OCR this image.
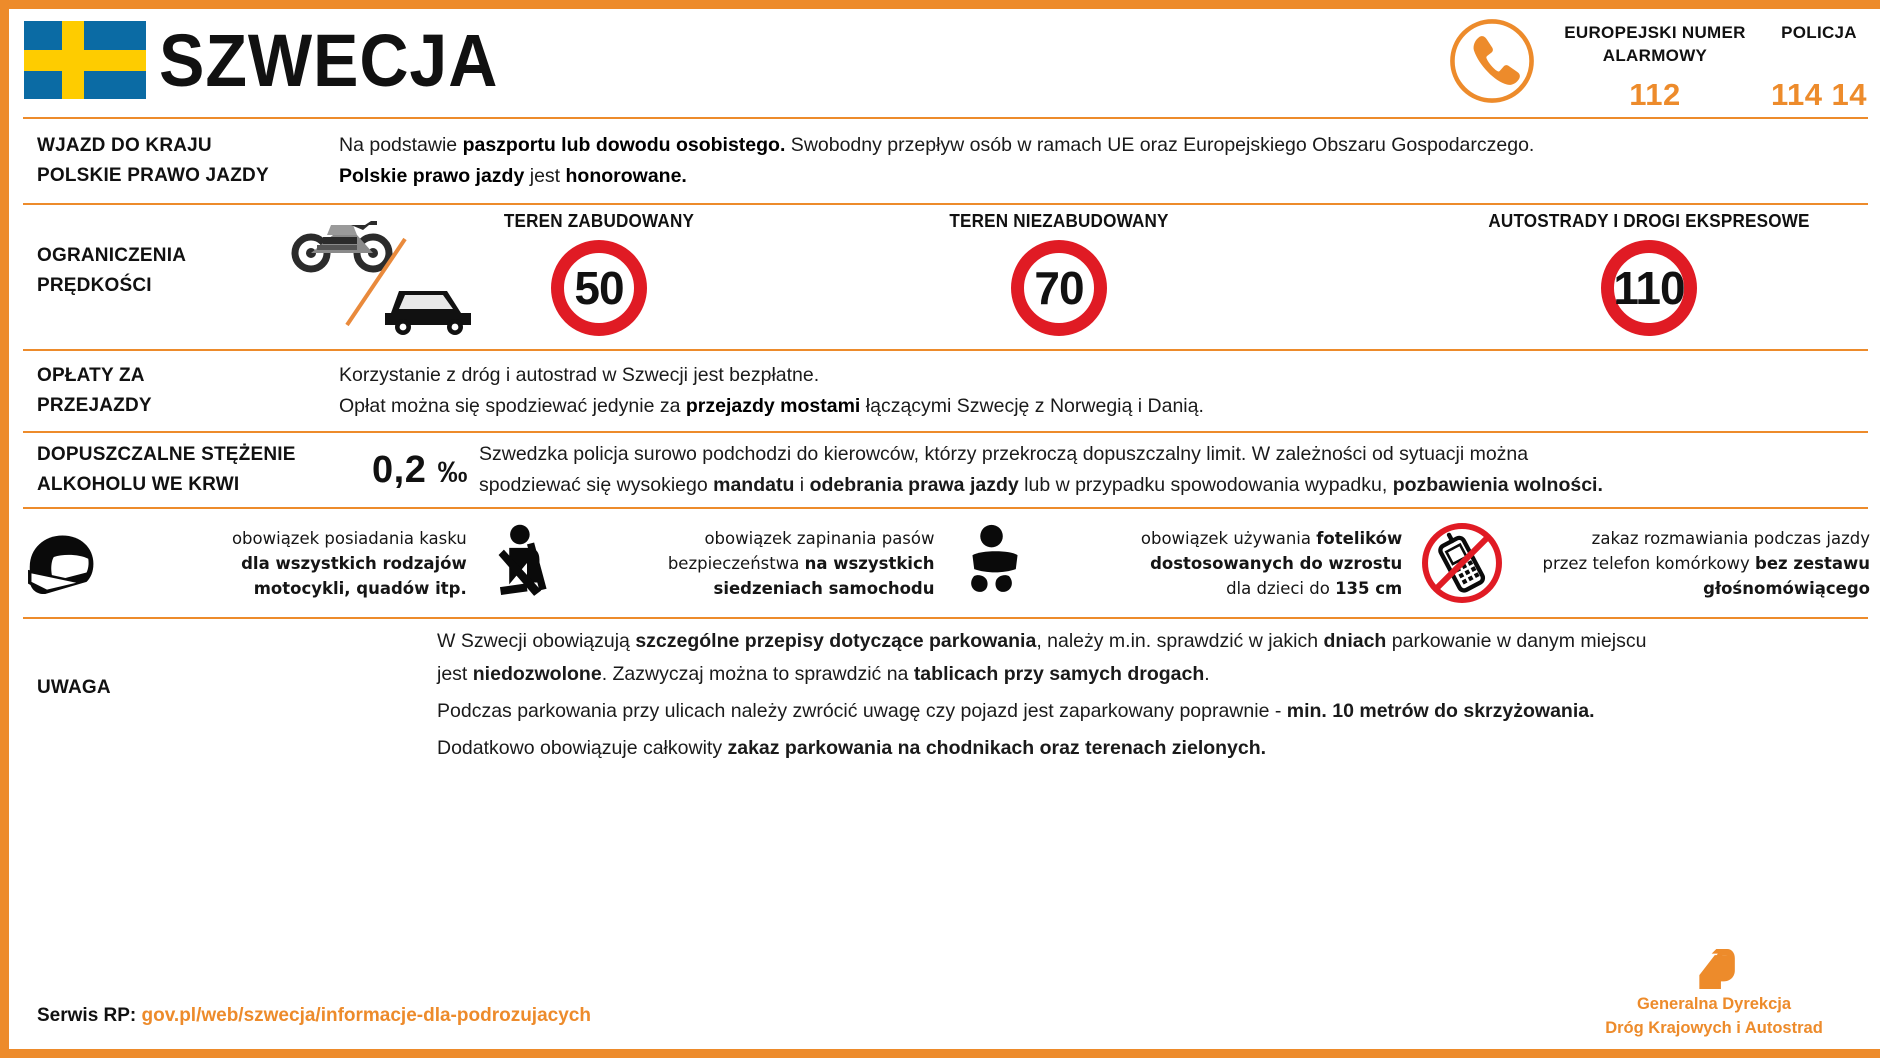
SZWECJA	EUROPEJSKI NUMER
ALARMOWY
112
POLICJA
114 14
WJAZD DO KRAJU
POLSKIE PRAWO JAZDY
Na podstawie paszportu lub dowodu osobistego. Swobodny przepływ osób w ramach UE oraz Europejskiego Obszaru Gospodarczego.
Polskie prawo jazdy jest honorowane.
OGRANICZENIA
PRĘDKOŚCI
TEREN ZABUDOWANY
50
TEREN NIEZABUDOWANY
70
AUTOSTRADY I DROGI EKSPRESOWE
110
OPŁATY ZA
PRZEJAZDY
Korzystanie z dróg i autostrad w Szwecji jest bezpłatne.
Opłat można się spodziewać jedynie za przejazdy mostami łączącymi Szwecję z Norwegią i Danią.
DOPUSZCZALNE STĘŻENIE
ALKOHOLU WE KRWI	0,2 ‰
Szwedzka policja surowo podchodzi do kierowców, którzy przekroczą dopuszczalny limit. W zależności od sytuacji można
spodziewać się wysokiego mandatu i odebrania prawa jazdy lub w przypadku spowodowania wypadku, pozbawienia wolności.
obowiązek posiadania kasku
dla wszystkich rodzajów
motocykli, quadów itp.
obowiązek zapinania pasów
bezpieczeństwa na wszystkich
siedzeniach samochodu
obowiązek używania fotelików
dostosowanych do wzrostu
dla dzieci do 135 cm
zakaz rozmawiania podczas jazdy
przez telefon komórkowy bez zestawu
głośnomówiącego
UWAGA

W Szwecji obowiązują szczególne przepisy dotyczące parkowania, należy m.in. sprawdzić w jakich dniach parkowanie w danym miejscu
jest niedozwolone. Zazwyczaj można to sprawdzić na tablicach przy samych drogach.

Podczas parkowania przy ulicach należy zwrócić uwagę czy pojazd jest zaparkowany poprawnie - min. 10 metrów do skrzyżowania.

Dodatkowo obowiązuje całkowity zakaz parkowania na chodnikach oraz terenach zielonych.

Serwis RP: gov.pl/web/szwecja/informacje-dla-podrozujacych
Generalna Dyrekcja
Dróg Krajowych i Autostrad
